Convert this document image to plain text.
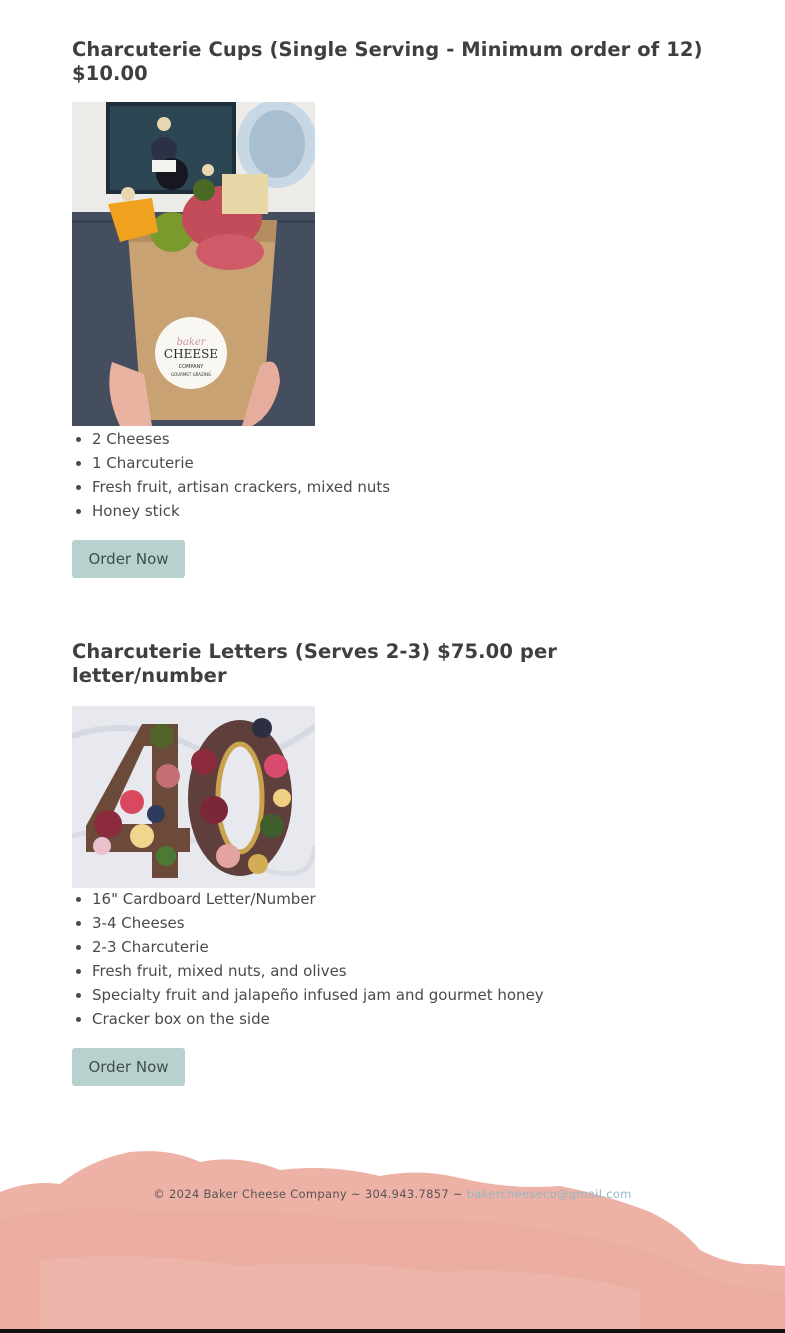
Charcuterie Cups (Single Serving - Minimum order of 12) $10.00
baker
CHEESE
COMPANY
GOURMET GRAZING
• 2 Cheeses
• 1 Charcuterie
• Fresh fruit, artisan crackers, mixed nuts
• Honey stick
Order Now
Charcuterie Letters (Serves 2-3) $75.00 per letter/number
• 16" Cardboard Letter/Number
• 3-4 Cheeses
• 2-3 Charcuterie
• Fresh fruit, mixed nuts, and olives
• Specialty fruit and jalapeño infused jam and gourmet honey
• Cracker box on the side
Order Now
© 2024 Baker Cheese Company ~ 304.943.7857 ~ bakercheeseco@gmail.com
